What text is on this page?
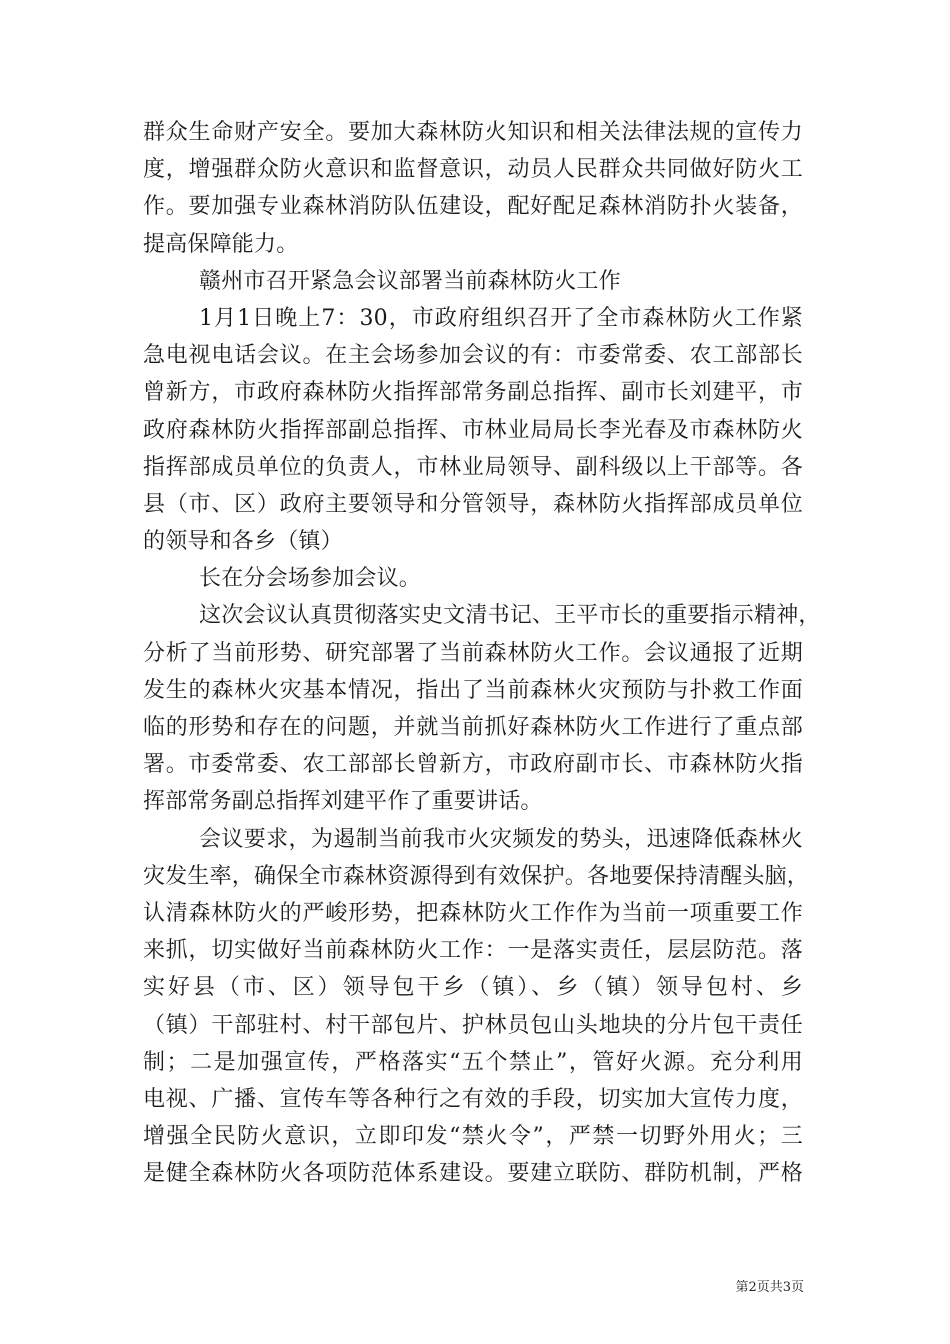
群众生命财产安全。要加大森林防火知识和相关法律法规的宣传力
度，增强群众防火意识和监督意识，动员人民群众共同做好防火工
作。要加强专业森林消防队伍建设，配好配足森林消防扑火装备，
提高保障能力。
赣州市召开紧急会议部署当前森林防火工作
1月1日晚上7：30，市政府组织召开了全市森林防火工作紧
急电视电话会议。在主会场参加会议的有：市委常委、农工部部长
曾新方，市政府森林防火指挥部常务副总指挥、副市长刘建平，市
政府森林防火指挥部副总指挥、市林业局局长李光春及市森林防火
指挥部成员单位的负责人，市林业局领导、副科级以上干部等。各
县（市、区）政府主要领导和分管领导，森林防火指挥部成员单位
的领导和各乡（镇）
长在分会场参加会议。
这次会议认真贯彻落实史文清书记、王平市长的重要指示精神，
分析了当前形势、研究部署了当前森林防火工作。会议通报了近期
发生的森林火灾基本情况，指出了当前森林火灾预防与扑救工作面
临的形势和存在的问题，并就当前抓好森林防火工作进行了重点部
署。市委常委、农工部部长曾新方，市政府副市长、市森林防火指
挥部常务副总指挥刘建平作了重要讲话。
会议要求，为遏制当前我市火灾频发的势头，迅速降低森林火
灾发生率，确保全市森林资源得到有效保护。各地要保持清醒头脑，
认清森林防火的严峻形势，把森林防火工作作为当前一项重要工作
来抓，切实做好当前森林防火工作：一是落实责任，层层防范。落
实好县（市、区）领导包干乡（镇）、乡（镇）领导包村、乡
（镇）干部驻村、村干部包片、护林员包山头地块的分片包干责任
制；二是加强宣传，严格落实“五个禁止”，管好火源。充分利用
电视、广播、宣传车等各种行之有效的手段，切实加大宣传力度，
增强全民防火意识，立即印发“禁火令”，严禁一切野外用火；三
是健全森林防火各项防范体系建设。要建立联防、群防机制，严格
第2页共3页
